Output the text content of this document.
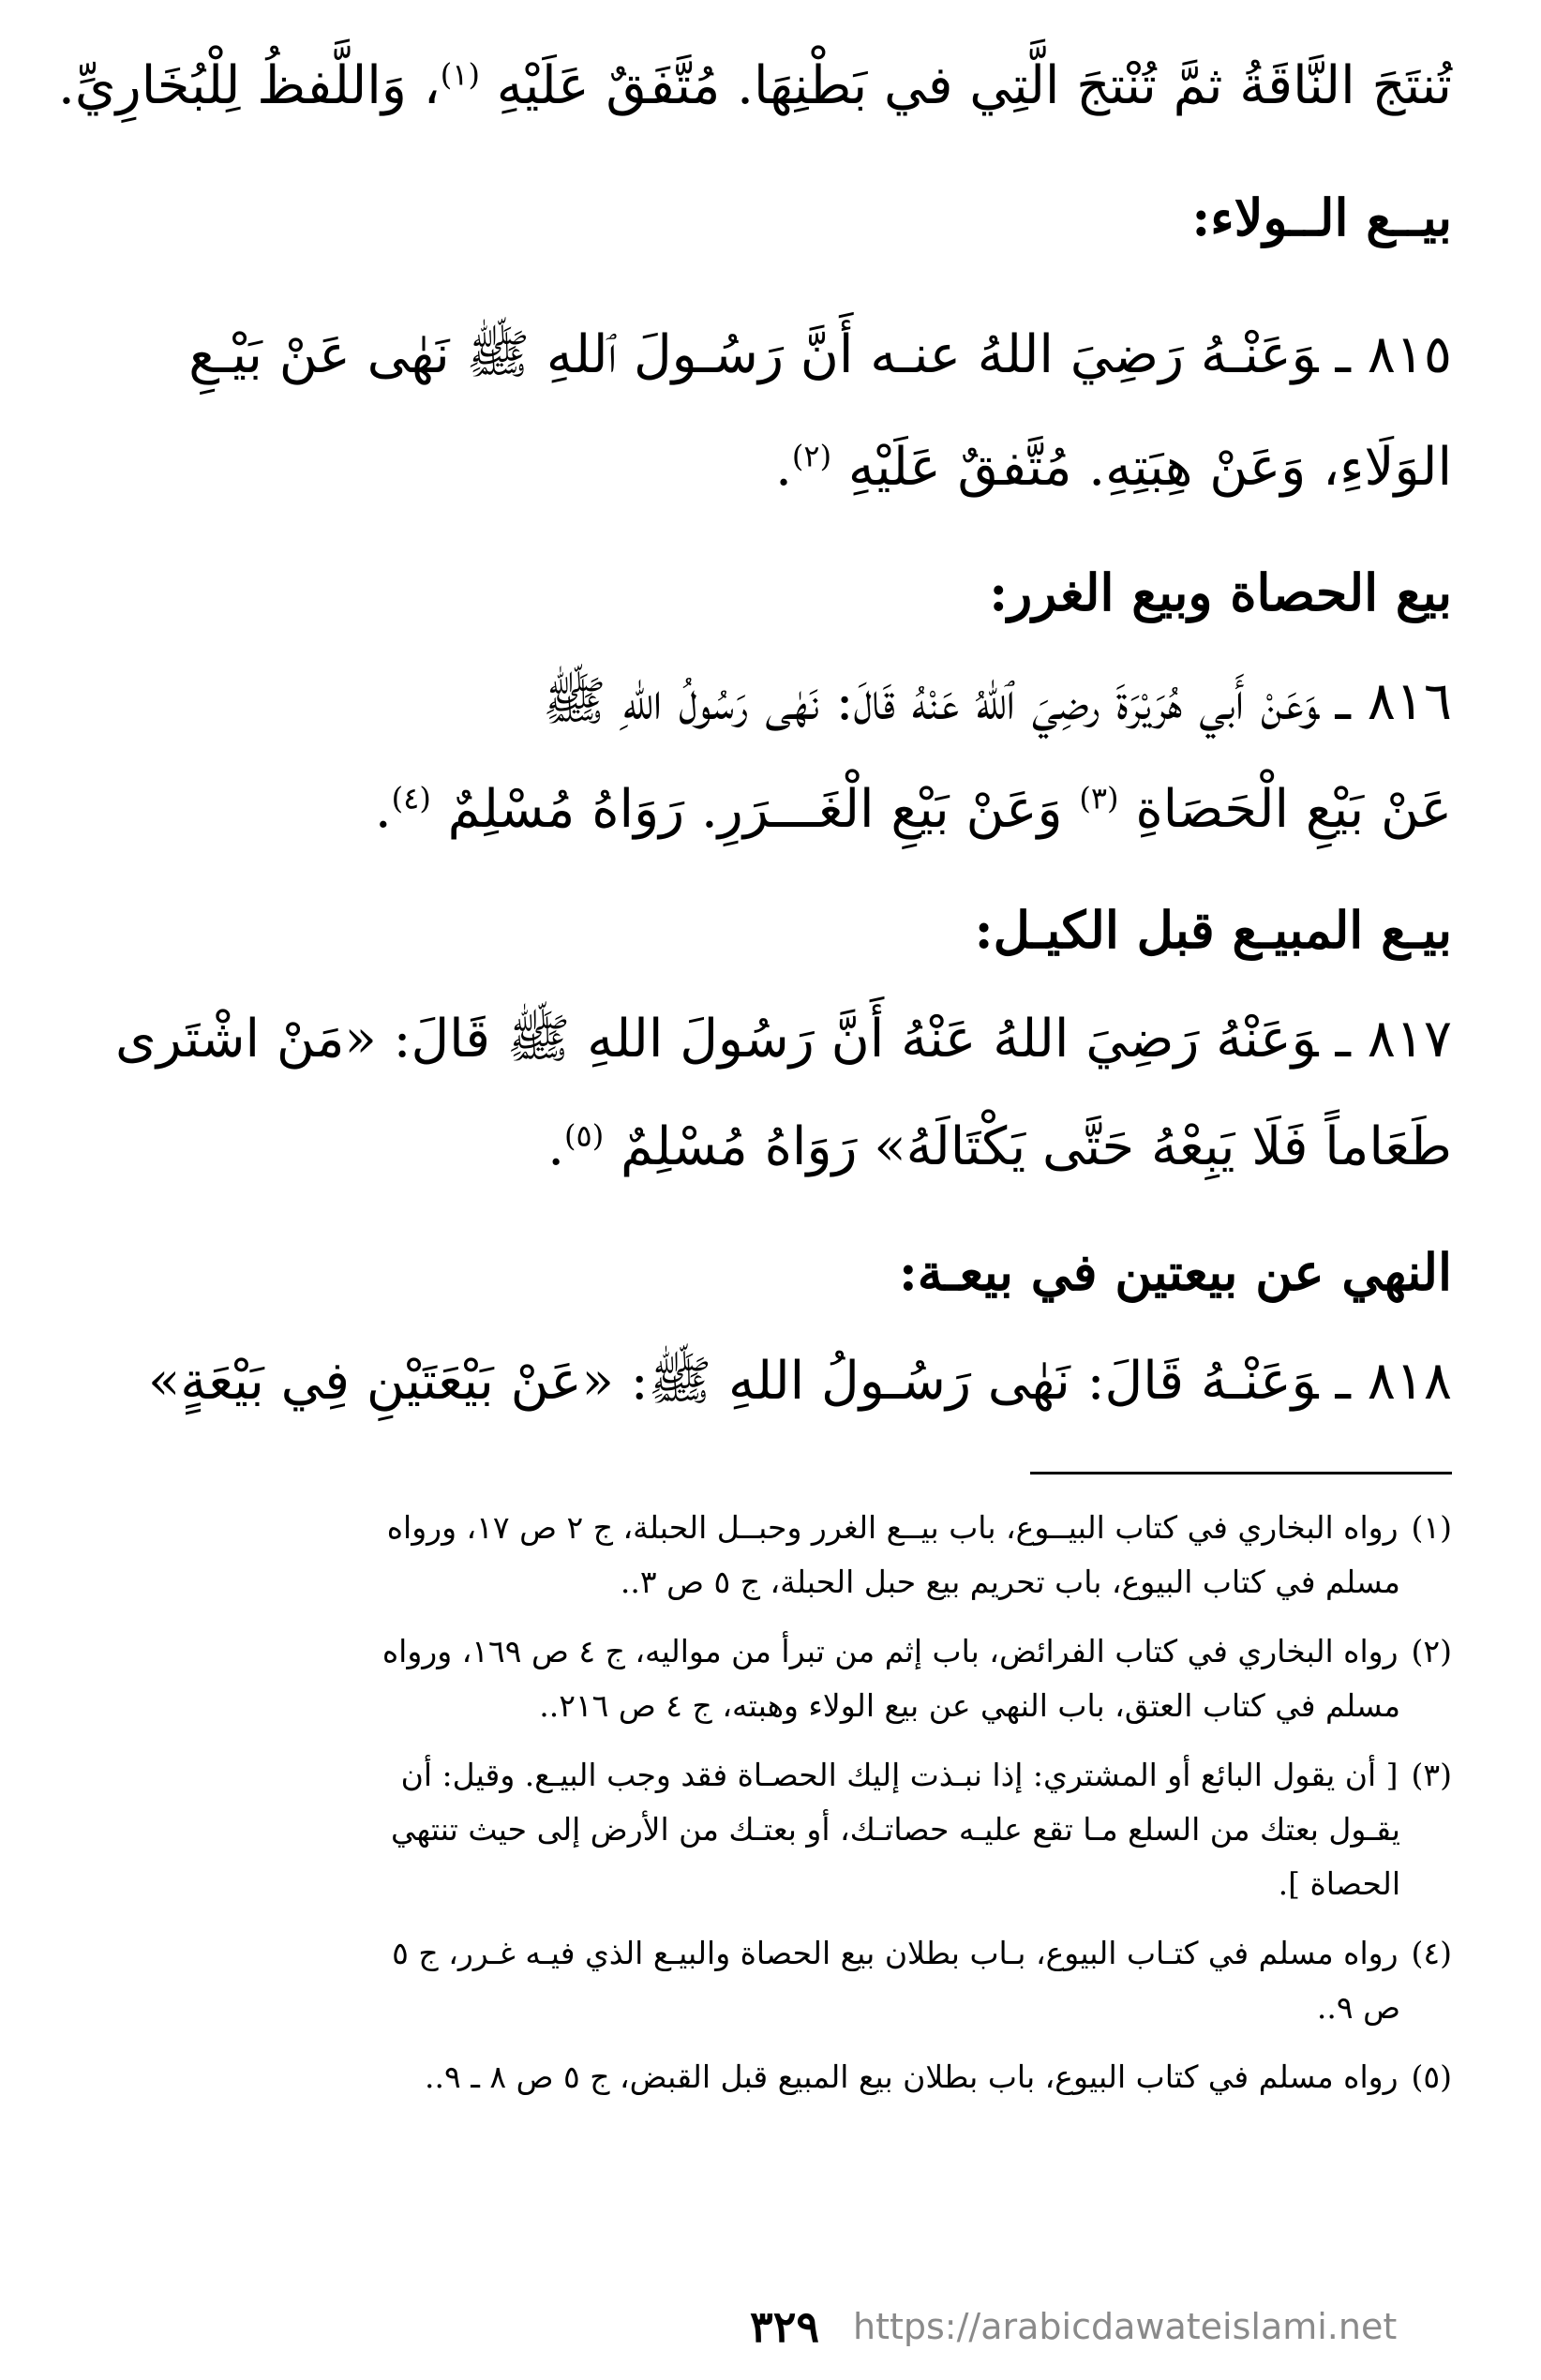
تُنتَجَ النَّاقَةُ ثمَّ تُنْتجَ الَّتِي في بَطْنِهَا. مُتَّفَقٌ عَلَيْهِ $^{(١)}$، وَاللَّفظُ لِلْبُخَارِيِّ.
بيــع الــولاء:
٨١٥ ـوَعَنْـهُ رَضِيَ اللهُ عنـه أَنَّ رَسُـولَ ٱللهِ ﷺ نَهٰى عَنْ بَيْـعِ
الوَلَاءِ، وَعَنْ هِبَتِهِ. مُتَّفقٌ عَلَيْهِ $^{(٢)}$.
بيع الحصاة وبيع الغرر:
٨١٦ ـوَعَنْ أَبي هُرَيْرَةَ رضِيَ ٱللهُ عَنْهُ قَالَ: نَهٰى رَسُولُ اللهِ ﷺ
عَنْ بَيْعِ الْحَصَاةِ $^{(٣)}$ وَعَنْ بَيْعِ الْغَـــرَرِ. رَوَاهُ مُسْلِمٌ $^{(٤)}$.
بيـع المبيـع قبل الكيـل:
٨١٧ ـوَعَنْهُ رَضِيَ اللهُ عَنْهُ أَنَّ رَسُولَ اللهِ ﷺ قَالَ: «مَنْ اشْتَرى
طَعَاماً فَلَا يَبِعْهُ حَتَّى يَكْتَالَهُ» رَوَاهُ مُسْلِمٌ $^{(٥)}$.
النهي عن بيعتين في بيعـة:
٨١٨ ـوَعَنْـهُ قَالَ: نَهٰى رَسُـولُ اللهِ ﷺ: «عَنْ بَيْعَتَيْنِ فِي بَيْعَةٍ»
(١)رواه البخاري في كتاب البيــوع، باب بيــع الغرر وحبــل الحبلة، ج ٢ ص ١٧، ورواه
مسلم في كتاب البيوع، باب تحريم بيع حبل الحبلة، ج ٥ ص ٣..
(٢)رواه البخاري في كتاب الفرائض، باب إثم من تبرأ من مواليه، ج ٤ ص ١٦٩، ورواه
مسلم في كتاب العتق، باب النهي عن بيع الولاء وهبته، ج ٤ ص ٢١٦..
(٣)[ أن يقول البائع أو المشتري: إذا نبـذت إليك الحصـاة فقد وجب البيـع. وقيل: أن
يقـول بعتك من السلع مـا تقع عليـه حصاتـك، أو بعتـك من الأرض إلى حيث تنتهي
الحصاة ].
(٤)رواه مسلم في كتـاب البيوع، بـاب بطلان بيع الحصاة والبيـع الذي فيـه غـرر، ج ٥
ص ٩..
(٥)رواه مسلم في كتاب البيوع، باب بطلان بيع المبيع قبل القبض، ج ٥ ص ٨ ـ ٩..
٣٢٩ https://arabicdawateislami.net
